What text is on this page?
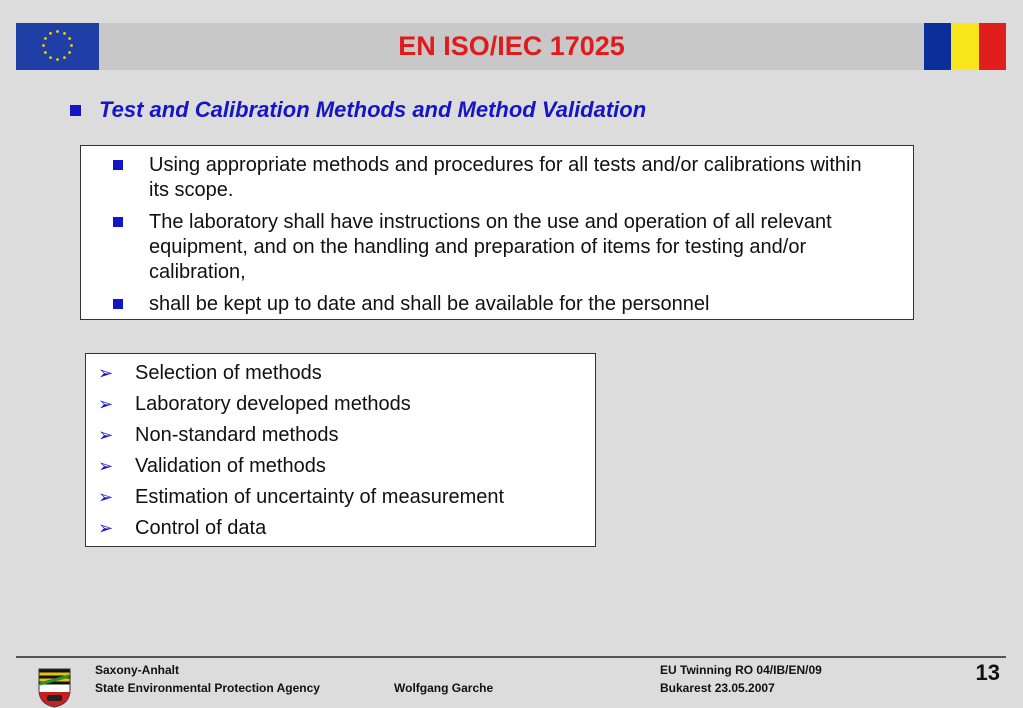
EN ISO/IEC 17025
Test and Calibration Methods and Method Validation
Using appropriate methods and procedures for all tests and/or calibrations within its scope.
The laboratory shall have instructions on the use and operation of all relevant equipment, and on the handling and preparation of items for testing and/or calibration,
shall be kept up to date and shall be available for the personnel
➢ Selection of methods
➢ Laboratory developed methods
➢ Non-standard methods
➢ Validation of methods
➢ Estimation of uncertainty of measurement
➢ Control of data
Saxony-Anhalt
State Environmental Protection Agency	Wolfgang Garche
EU Twinning RO 04/IB/EN/09
Bukarest 23.05.2007
13
